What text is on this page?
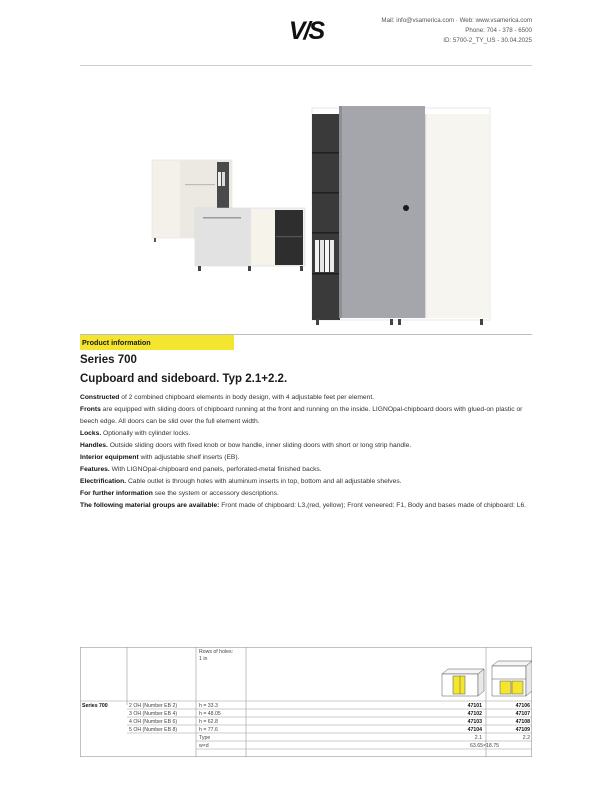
V/S	Mail: info@vsamerica.com · Web: www.vsamerica.com
Phone: 704 - 378 - 6500
ID: 5700-2_TY_US - 30.04.2025
Product information
Series 700
Cupboard and sideboard. Typ 2.1+2.2.

Constructed of 2 combined chipboard elements in body design, with 4 adjustable feet per element.

Fronts are equipped with sliding doors of chipboard running at the front and running on the inside. LIGNOpal-chipboard doors with glued-on plastic or beech edge. All doors can be slid over the full element width.

Locks. Optionally with cylinder locks.

Handles. Outside sliding doors with fixed knob or bow handle, inner sliding doors with short or long strip handle.

Interior equipment with adjustable shelf inserts (EB).

Features. With LIGNOpal-chipboard end panels, perforated-metal finished backs.

Electrification. Cable outlet is through holes with aluminum inserts in top, bottom and all adjustable shelves.

For further information see the system or accessory descriptions.

The following material groups are available: Front made of chipboard: L3,(red, yellow); Front veneered: F1, Body and bases made of chipboard: L6.

Rows of holes:
1 in
Series 700	2 OH (Number EB 2)	h = 33.3	47101	47106
3 OH (Number EB 4)	h = 48.05	47102	47107
4 OH (Number EB 6)	h = 62.8	47103	47108
5 OH (Number EB 8)	h = 77.6	47104	47109
Type	2.1	2.2
w×d	63.65×18.75
